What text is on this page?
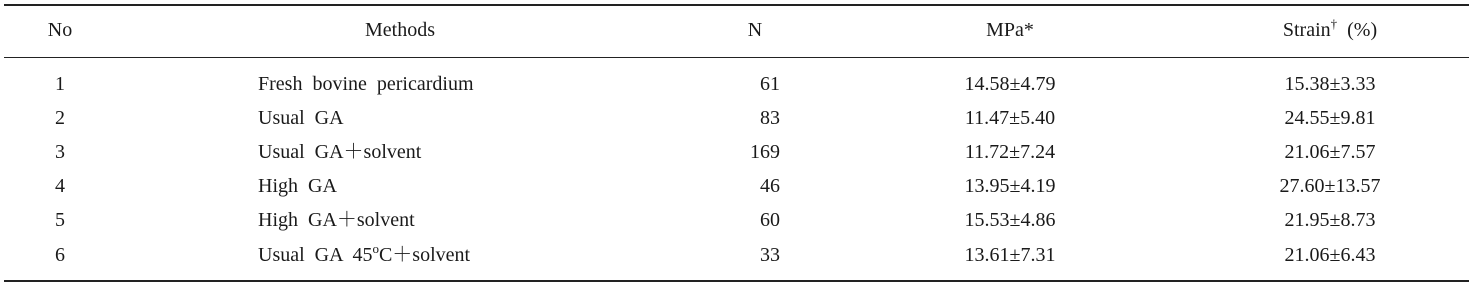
No	Methods	N	MPa*	Strain† (%)
1	Fresh  bovine  pericardium	61	14.58±4.79	15.38±3.33
2	Usual  GA	83	11.47±5.40	24.55±9.81
3	Usual  GA＋solvent	169	11.72±7.24	21.06±7.57
4	High  GA	46	13.95±4.19	27.60±13.57
5	High  GA＋solvent	60	15.53±4.86	21.95±8.73
6	Usual  GA  $45^oC+solvent$	33	13.61±7.31	21.06±6.43
